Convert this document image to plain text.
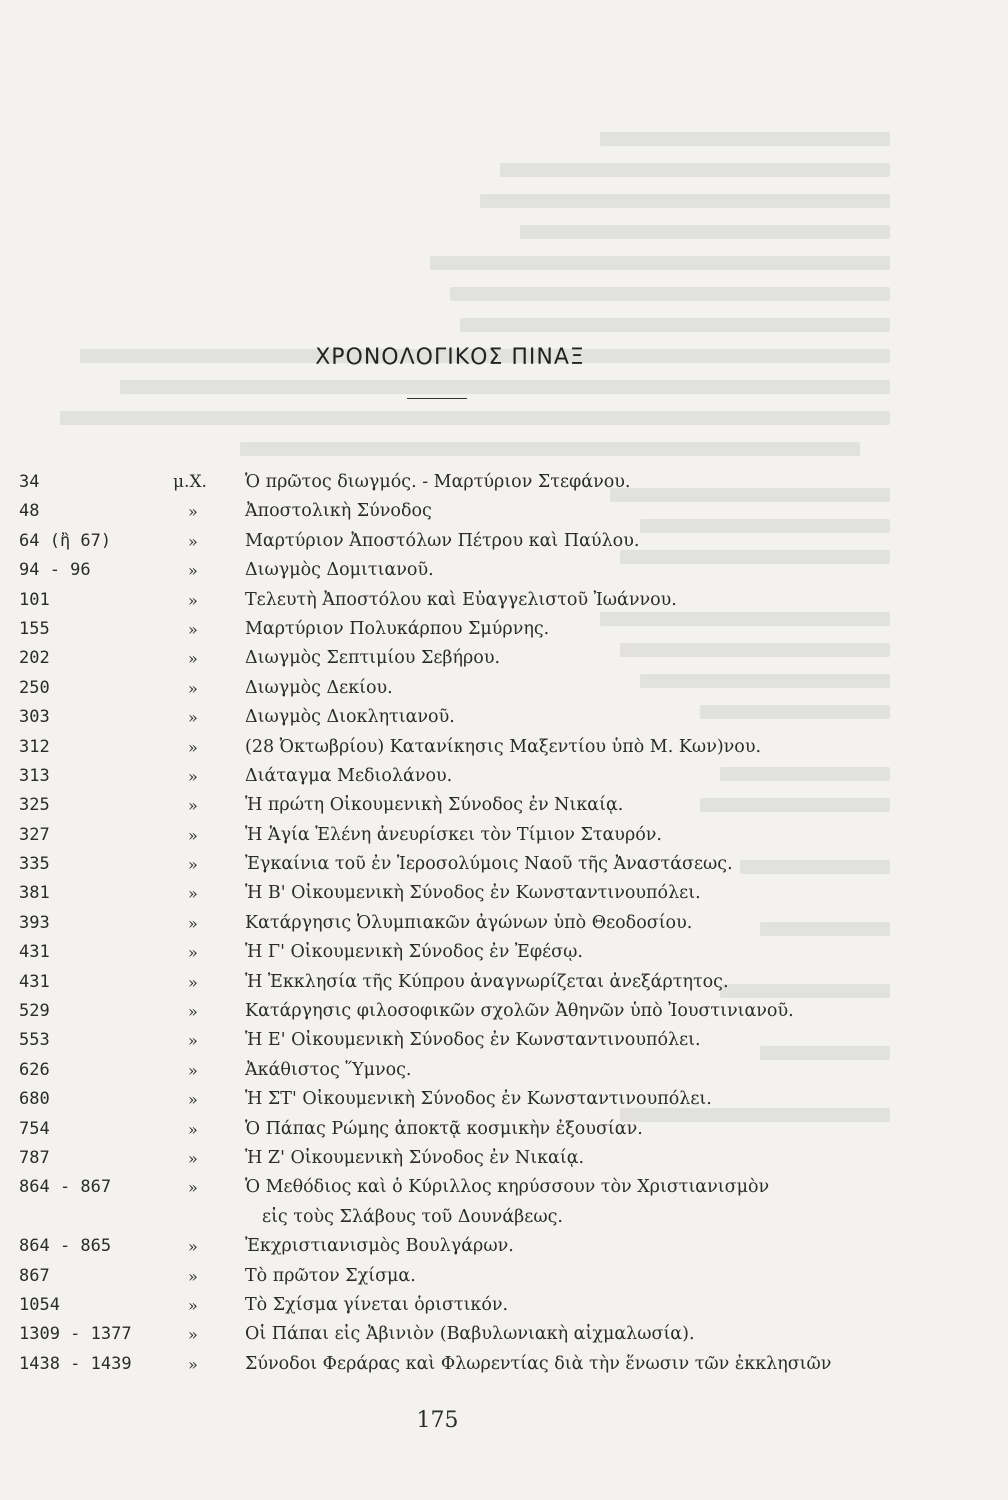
ΧΡΟΝΟΛΟΓΙΚΟΣ ΠΙΝΑΞ
34	μ.Χ. Ὁ πρῶτος διωγμός. - Μαρτύριον Στεφάνου.
48	»	Ἀποστολικὴ Σύνοδος
64 (ἢ 67)	»	Μαρτύριον Ἀποστόλων Πέτρου καὶ Παύλου.
94 - 96	»	Διωγμὸς Δομιτιανοῦ.
101	»	Τελευτὴ Ἀποστόλου καὶ Εὐαγγελιστοῦ Ἰωάννου.
155	»	Μαρτύριον Πολυκάρπου Σμύρνης.
202	»	Διωγμὸς Σεπτιμίου Σεβήρου.
250	»	Διωγμὸς Δεκίου.
303	»	Διωγμὸς Διοκλητιανοῦ.
312	»	(28 Ὀκτωβρίου) Κατανίκησις Μαξεντίου ὑπὸ Μ. Κων)νου.
313	»	Διάταγμα Μεδιολάνου.
325	»	Ἡ πρώτη Οἰκουμενικὴ Σύνοδος ἐν Νικαίᾳ.
327	»	Ἡ Ἁγία Ἑλένη ἀνευρίσκει τὸν Τίμιον Σταυρόν.
335	»	Ἐγκαίνια τοῦ ἐν Ἱεροσολύμοις Ναοῦ τῆς Ἀναστάσεως.
381	»	Ἡ Β' Οἰκουμενικὴ Σύνοδος ἐν Κωνσταντινουπόλει.
393	»	Κατάργησις Ὀλυμπιακῶν ἀγώνων ὑπὸ Θεοδοσίου.
431	»	Ἡ Γ' Οἰκουμενικὴ Σύνοδος ἐν Ἐφέσῳ.
431	»	Ἡ Ἐκκλησία τῆς Κύπρου ἀναγνωρίζεται ἀνεξάρτητος.
529	»	Κατάργησις φιλοσοφικῶν σχολῶν Ἀθηνῶν ὑπὸ Ἰουστινιανοῦ.
553	»	Ἡ Ε' Οἰκουμενικὴ Σύνοδος ἐν Κωνσταντινουπόλει.
626	»	Ἀκάθιστος Ὕμνος.
680	»	Ἡ ΣΤ' Οἰκουμενικὴ Σύνοδος ἐν Κωνσταντινουπόλει.
754	»	Ὁ Πάπας Ρώμης ἀποκτᾷ κοσμικὴν ἐξουσίαν.
787	»	Ἡ Ζ' Οἰκουμενικὴ Σύνοδος ἐν Νικαίᾳ.
864 - 867	»	Ὁ Μεθόδιος καὶ ὁ Κύριλλος κηρύσσουν τὸν Χριστιανισμὸν
εἰς τοὺς Σλάβους τοῦ Δουνάβεως.
864 - 865	»	Ἐκχριστιανισμὸς Βουλγάρων.
867	»	Τὸ πρῶτον Σχίσμα.
1054	»	Τὸ Σχίσμα γίνεται ὁριστικόν.
1309 - 1377	»	Οἱ Πάπαι εἰς Ἀβινιὸν (Βαβυλωνιακὴ αἰχμαλωσία).
1438 - 1439	»	Σύνοδοι Φεράρας καὶ Φλωρεντίας διὰ τὴν ἕνωσιν τῶν ἐκκλησιῶν
175
